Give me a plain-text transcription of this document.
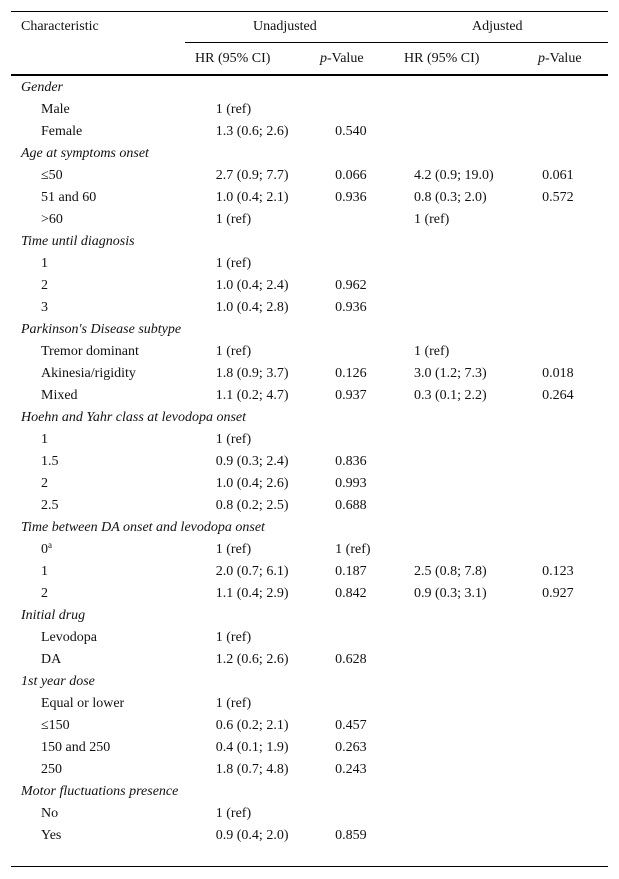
Characteristic	Unadjusted	Adjusted
HR (95% CI)	p-Value	HR (95% CI)	p-Value
Gender				
Male	1 (ref)			
Female	1.3 (0.6; 2.6)	0.540		
Age at symptoms onset				
≤50	2.7 (0.9; 7.7)	0.066	4.2 (0.9; 19.0)	0.061
51 and 60	1.0 (0.4; 2.1)	0.936	0.8 (0.3; 2.0)	0.572
>60	1 (ref)		1 (ref)	
Time until diagnosis				
1	1 (ref)			
2	1.0 (0.4; 2.4)	0.962		
3	1.0 (0.4; 2.8)	0.936		
Parkinson's Disease subtype				
Tremor dominant	1 (ref)		1 (ref)	
Akinesia/rigidity	1.8 (0.9; 3.7)	0.126	3.0 (1.2; 7.3)	0.018
Mixed	1.1 (0.2; 4.7)	0.937	0.3 (0.1; 2.2)	0.264
Hoehn and Yahr class at levodopa onset				
1	1 (ref)			
1.5	0.9 (0.3; 2.4)	0.836		
2	1.0 (0.4; 2.6)	0.993		
2.5	0.8 (0.2; 2.5)	0.688		
Time between DA onset and levodopa onset				
0$^a$	1 (ref)	1 (ref)		
1	2.0 (0.7; 6.1)	0.187	2.5 (0.8; 7.8)	0.123
2	1.1 (0.4; 2.9)	0.842	0.9 (0.3; 3.1)	0.927
Initial drug				
Levodopa	1 (ref)			
DA	1.2 (0.6; 2.6)	0.628		
1st year dose				
Equal or lower	1 (ref)			
≤150	0.6 (0.2; 2.1)	0.457		
150 and 250	0.4 (0.1; 1.9)	0.263		
250	1.8 (0.7; 4.8)	0.243		
Motor fluctuations presence				
No	1 (ref)			
Yes	0.9 (0.4; 2.0)	0.859		
